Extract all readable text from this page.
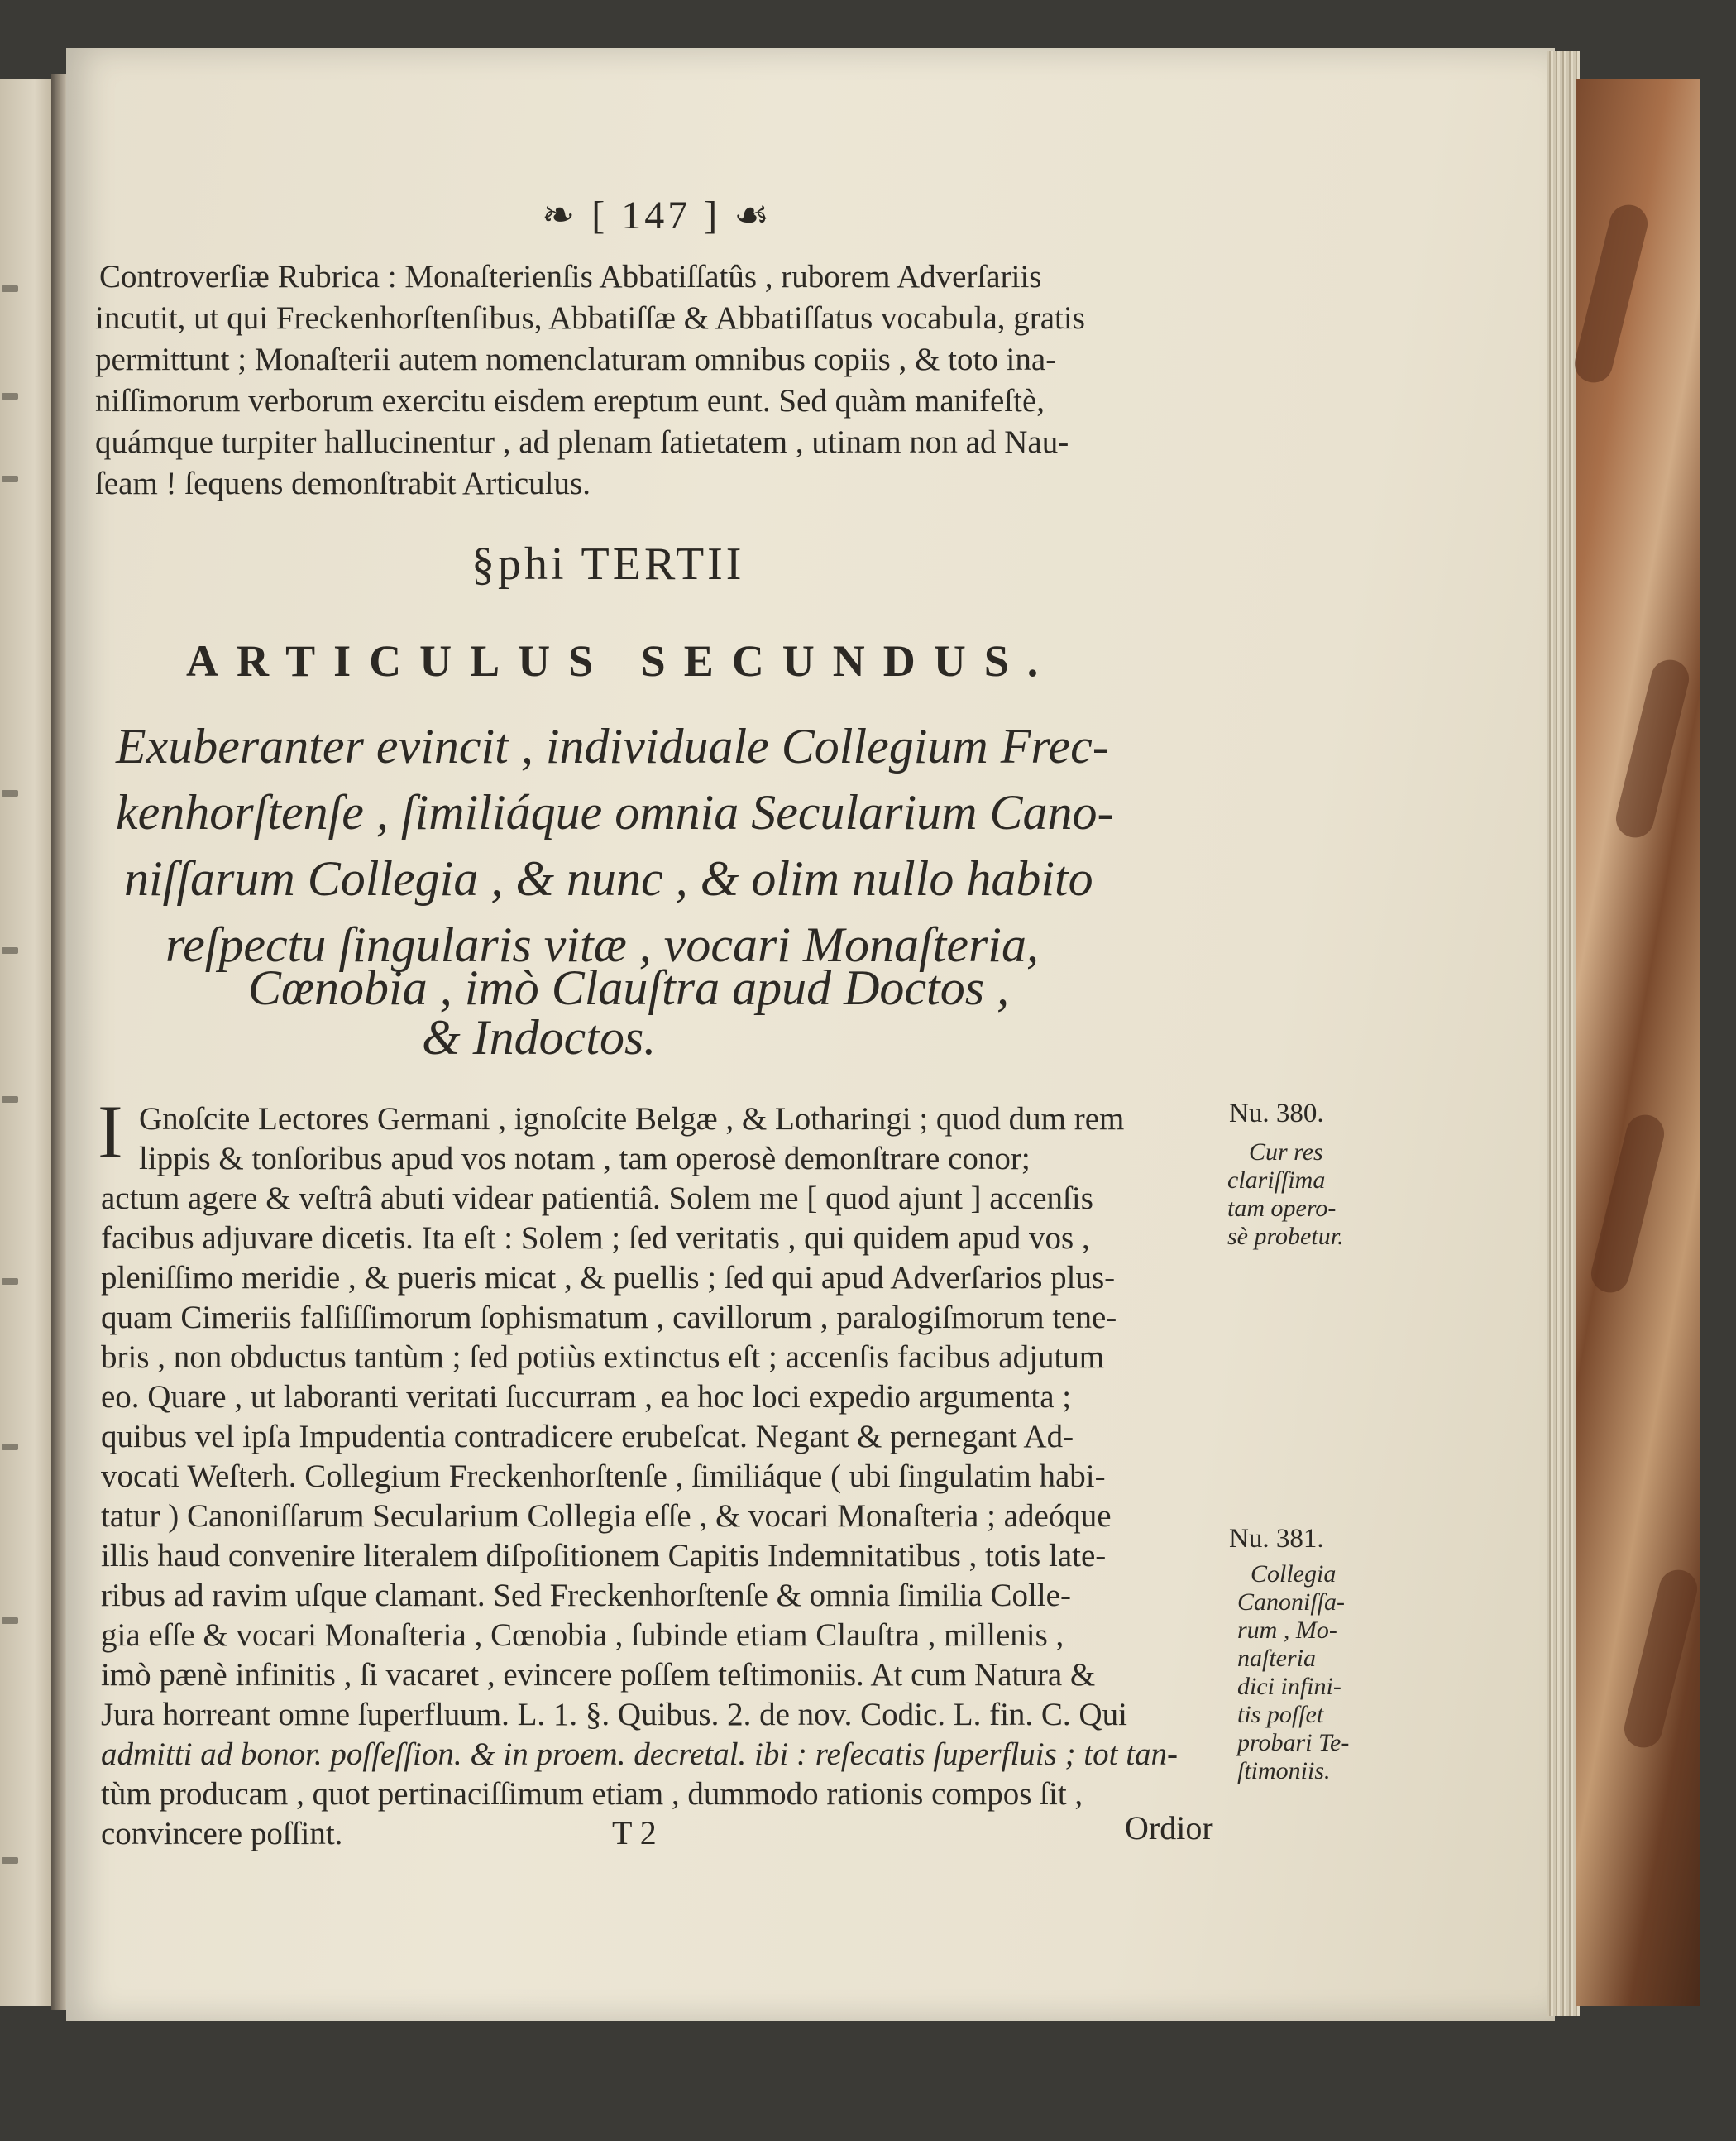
❧ [ 147 ] ☙
Controverſiæ Rubrica : Monaſterienſis Abbatiſſatûs , ruborem Adverſariis
incutit, ut qui Freckenhorſtenſibus, Abbatiſſæ & Abbatiſſatus vocabula, gratis
permittunt ; Monaſterii autem nomenclaturam omnibus copiis , & toto ina-
niſſimorum verborum exercitu eisdem ereptum eunt. Sed quàm manifeſtè,
quámque turpiter hallucinentur , ad plenam ſatietatem , utinam non ad Nau-
ſeam ! ſequens demonſtrabit Articulus.
§phi TERTII
ARTICULUS SECUNDUS.
Exuberanter evincit , individuale Collegium Frec-
kenhorſtenſe , ſimiliáque omnia Secularium Cano-
niſſarum Collegia , & nunc , & olim nullo habito
reſpectu ſingularis vitæ , vocari Monaſteria,
Cœnobia , imò Clauſtra apud Doctos ,
& Indoctos.
I Gnoſcite Lectores Germani , ignoſcite Belgæ , & Lotharingi ; quod dum rem
lippis & tonſoribus apud vos notam , tam operosè demonſtrare conor;
actum agere & veſtrâ abuti videar patientiâ. Solem me [ quod ajunt ] accenſis
facibus adjuvare dicetis. Ita eſt : Solem ; ſed veritatis , qui quidem apud vos ,
pleniſſimo meridie , & pueris micat , & puellis ; ſed qui apud Adverſarios plus-
quam Cimeriis falſiſſimorum ſophismatum , cavillorum , paralogiſmorum tene-
bris , non obductus tantùm ; ſed potiùs extinctus eſt ; accenſis facibus adjutum
eo. Quare , ut laboranti veritati ſuccurram , ea hoc loci expedio argumenta ;
quibus vel ipſa Impudentia contradicere erubeſcat. Negant & pernegant Ad-
vocati Weſterh. Collegium Freckenhorſtenſe , ſimiliáque ( ubi ſingulatim habi-
tatur ) Canoniſſarum Secularium Collegia eſſe , & vocari Monaſteria ; adeóque
illis haud convenire literalem diſpoſitionem Capitis Indemnitatibus , totis late-
ribus ad ravim uſque clamant. Sed Freckenhorſtenſe & omnia ſimilia Colle-
gia eſſe & vocari Monaſteria , Cœnobia , ſubinde etiam Clauſtra , millenis ,
imò pænè infinitis , ſi vacaret , evincere poſſem teſtimoniis. At cum Natura &
Jura horreant omne ſuperfluum. L. 1. §. Quibus. 2. de nov. Codic. L. fin. C. Qui
admitti ad bonor. poſſeſſion. & in proem. decretal. ibi : reſecatis ſuperfluis ; tot tan-
tùm producam , quot pertinaciſſimum etiam , dummodo rationis compos ſit ,
convincere poſſint.	T 2	Ordior
Nu. 380.
Cur res
clariſſima
tam opero-
sè probetur.
Nu. 381.
Collegia
Canoniſſa-
rum , Mo-
naſteria
dici infini-
tis poſſet
probari Te-
ſtimoniis.
